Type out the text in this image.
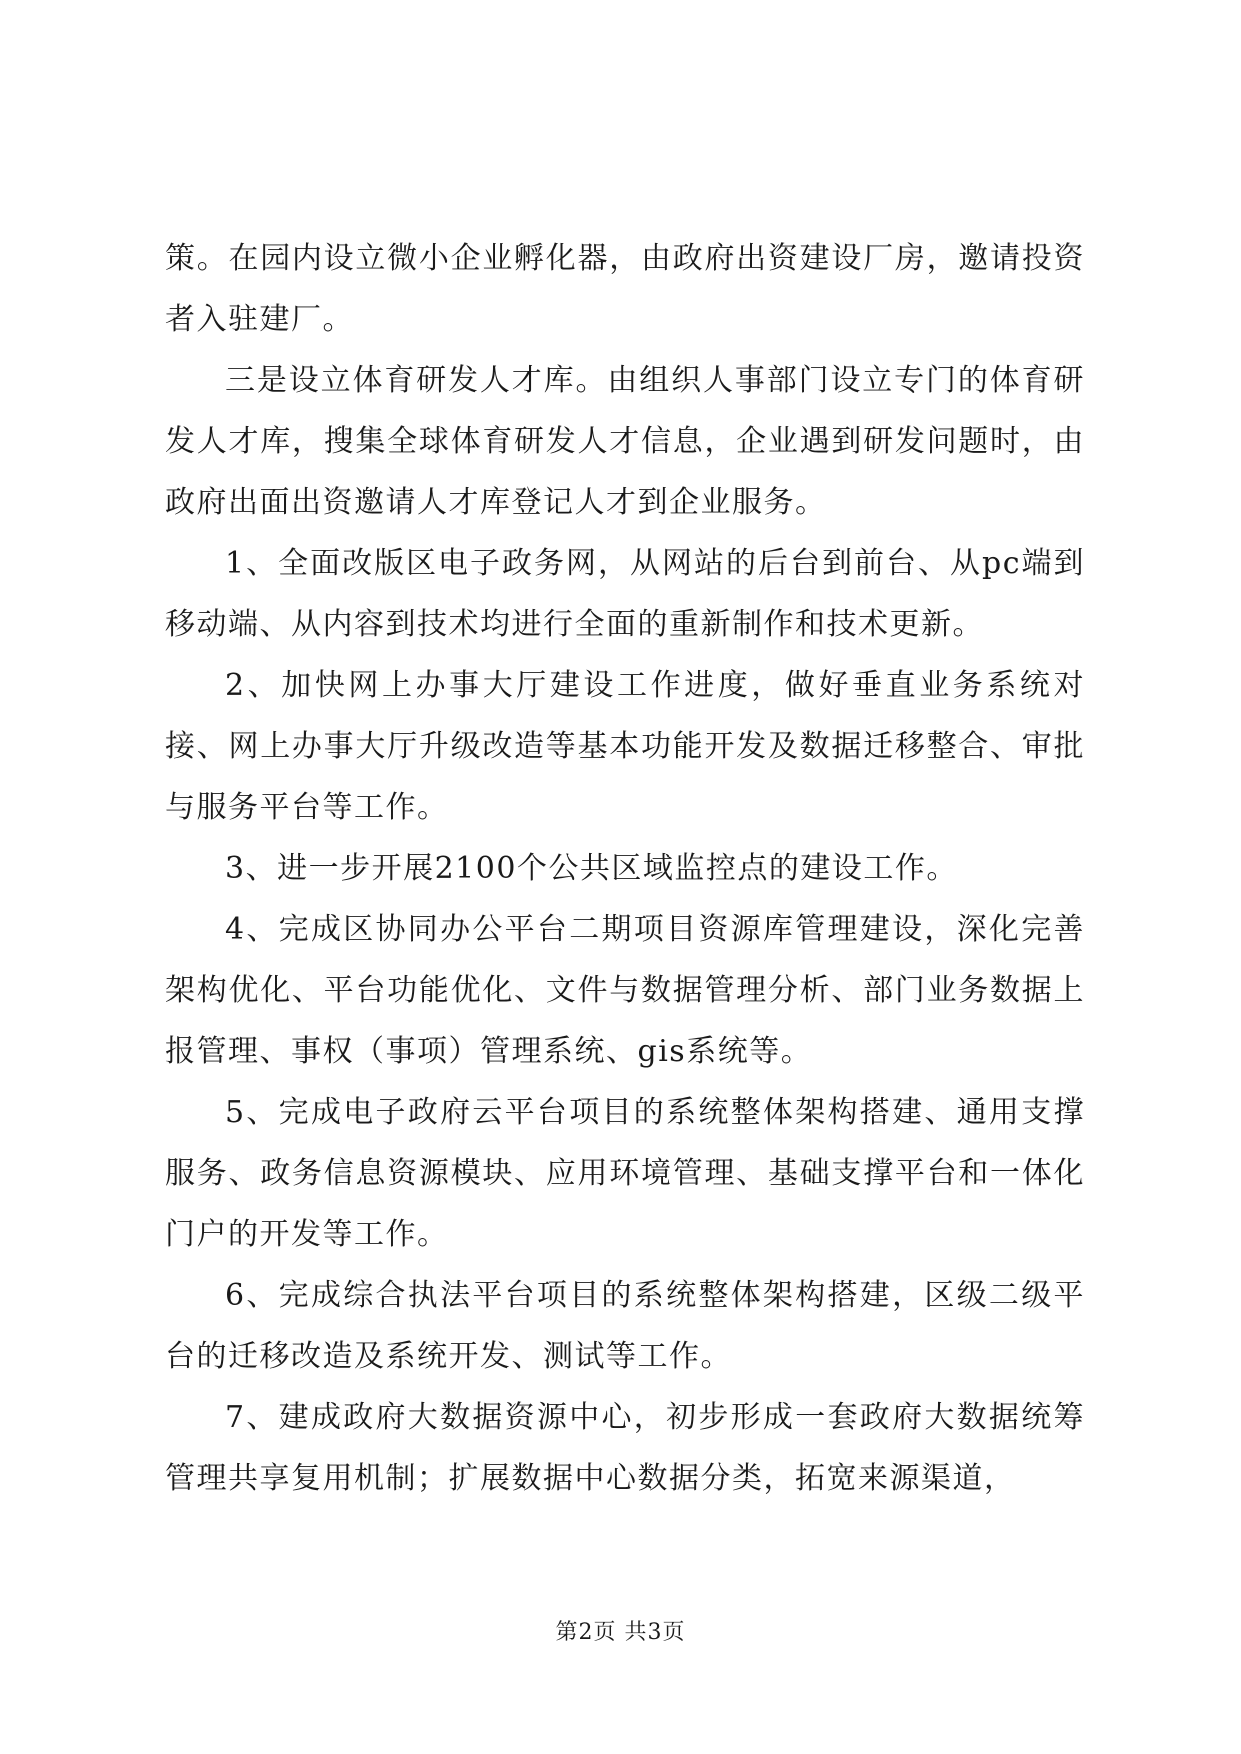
策。在园内设立微小企业孵化器，由政府出资建设厂房，邀请投资者入驻建厂。

三是设立体育研发人才库。由组织人事部门设立专门的体育研发人才库，搜集全球体育研发人才信息，企业遇到研发问题时，由政府出面出资邀请人才库登记人才到企业服务。

1、全面改版区电子政务网，从网站的后台到前台、从pc端到移动端、从内容到技术均进行全面的重新制作和技术更新。

2、加快网上办事大厅建设工作进度，做好垂直业务系统对接、网上办事大厅升级改造等基本功能开发及数据迁移整合、审批与服务平台等工作。

3、进一步开展2100个公共区域监控点的建设工作。

4、完成区协同办公平台二期项目资源库管理建设，深化完善架构优化、平台功能优化、文件与数据管理分析、部门业务数据上报管理、事权（事项）管理系统、gis系统等。

5、完成电子政府云平台项目的系统整体架构搭建、通用支撑服务、政务信息资源模块、应用环境管理、基础支撑平台和一体化门户的开发等工作。

6、完成综合执法平台项目的系统整体架构搭建，区级二级平台的迁移改造及系统开发、测试等工作。

7、建成政府大数据资源中心，初步形成一套政府大数据统筹管理共享复用机制；扩展数据中心数据分类，拓宽来源渠道，

第2页 共3页
